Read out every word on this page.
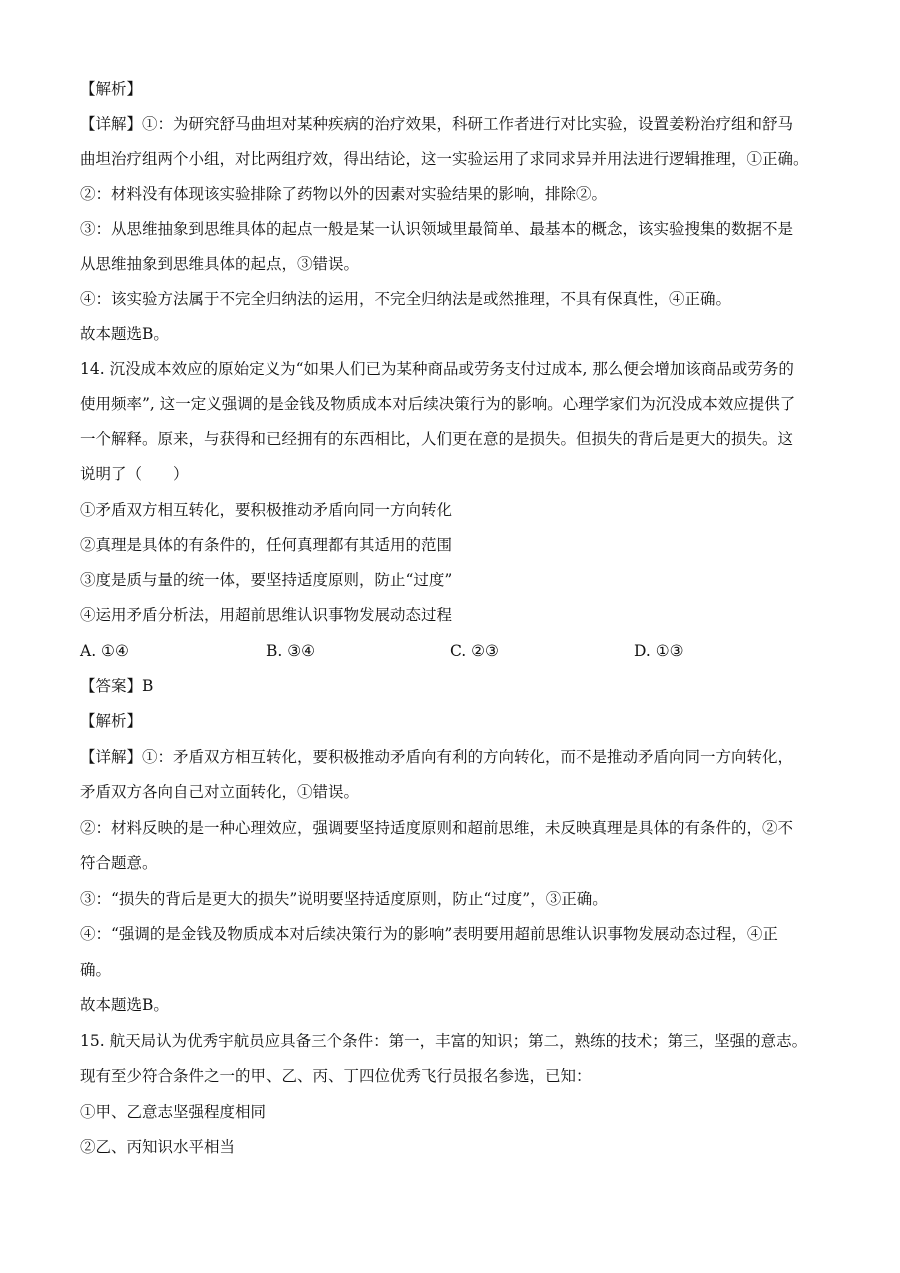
【解析】
【详解】①：为研究舒马曲坦对某种疾病的治疗效果，科研工作者进行对比实验，设置姜粉治疗组和舒马
曲坦治疗组两个小组，对比两组疗效，得出结论，这一实验运用了求同求异并用法进行逻辑推理，①正确。
②：材料没有体现该实验排除了药物以外的因素对实验结果的影响，排除②。
③：从思维抽象到思维具体的起点一般是某一认识领域里最简单、最基本的概念，该实验搜集的数据不是
从思维抽象到思维具体的起点，③错误。
④：该实验方法属于不完全归纳法的运用，不完全归纳法是或然推理，不具有保真性，④正确。
故本题选B。
14. 沉没成本效应的原始定义为“如果人们已为某种商品或劳务支付过成本, 那么便会增加该商品或劳务的
使用频率”, 这一定义强调的是金钱及物质成本对后续决策行为的影响。心理学家们为沉没成本效应提供了
一个解释。原来，与获得和已经拥有的东西相比，人们更在意的是损失。但损失的背后是更大的损失。这
说明了（　　）
①矛盾双方相互转化，要积极推动矛盾向同一方向转化
②真理是具体的有条件的，任何真理都有其适用的范围
③度是质与量的统一体，要坚持适度原则，防止“过度”
④运用矛盾分析法，用超前思维认识事物发展动态过程
A. ①④	B. ③④	C. ②③	D. ①③
【答案】B
【解析】
【详解】①：矛盾双方相互转化，要积极推动矛盾向有利的方向转化，而不是推动矛盾向同一方向转化，
矛盾双方各向自己对立面转化，①错误。
②：材料反映的是一种心理效应，强调要坚持适度原则和超前思维，未反映真理是具体的有条件的，②不
符合题意。
③：“损失的背后是更大的损失”说明要坚持适度原则，防止“过度”，③正确。
④：“强调的是金钱及物质成本对后续决策行为的影响”表明要用超前思维认识事物发展动态过程，④正
确。
故本题选B。
15. 航天局认为优秀宇航员应具备三个条件：第一，丰富的知识；第二，熟练的技术；第三，坚强的意志。
现有至少符合条件之一的甲、乙、丙、丁四位优秀飞行员报名参选，已知：
①甲、乙意志坚强程度相同
②乙、丙知识水平相当
